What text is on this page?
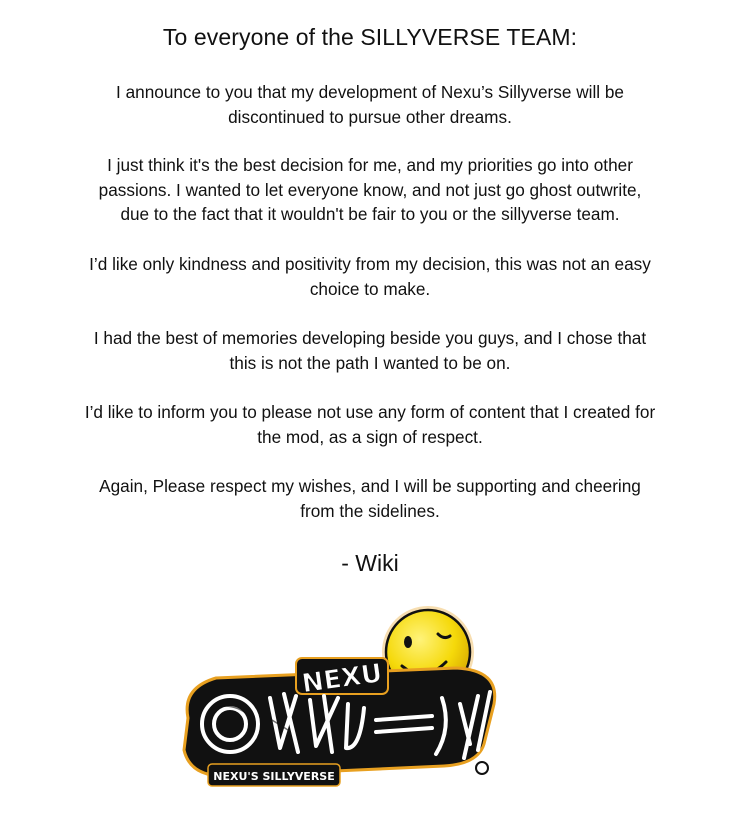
To everyone of the SILLYVERSE TEAM:

I announce to you that my development of Nexu’s Sillyverse will be
discontinued to pursue other dreams.

I just think it's the best decision for me, and my priorities go into other
passions. I wanted to let everyone know, and not just go ghost outwrite,
due to the fact that it wouldn't be fair to you or the sillyverse team.

I’d like only kindness and positivity from my decision, this was not an easy
choice to make.

I had the best of memories developing beside you guys, and I chose that
this is not the path I wanted to be on.

I’d like to inform you to please not use any form of content that I created for
the mod, as a sign of respect.

Again, Please respect my wishes, and I will be supporting and cheering
from the sidelines.

- Wiki
NEXU
NEXU'S SILLYVERSE
